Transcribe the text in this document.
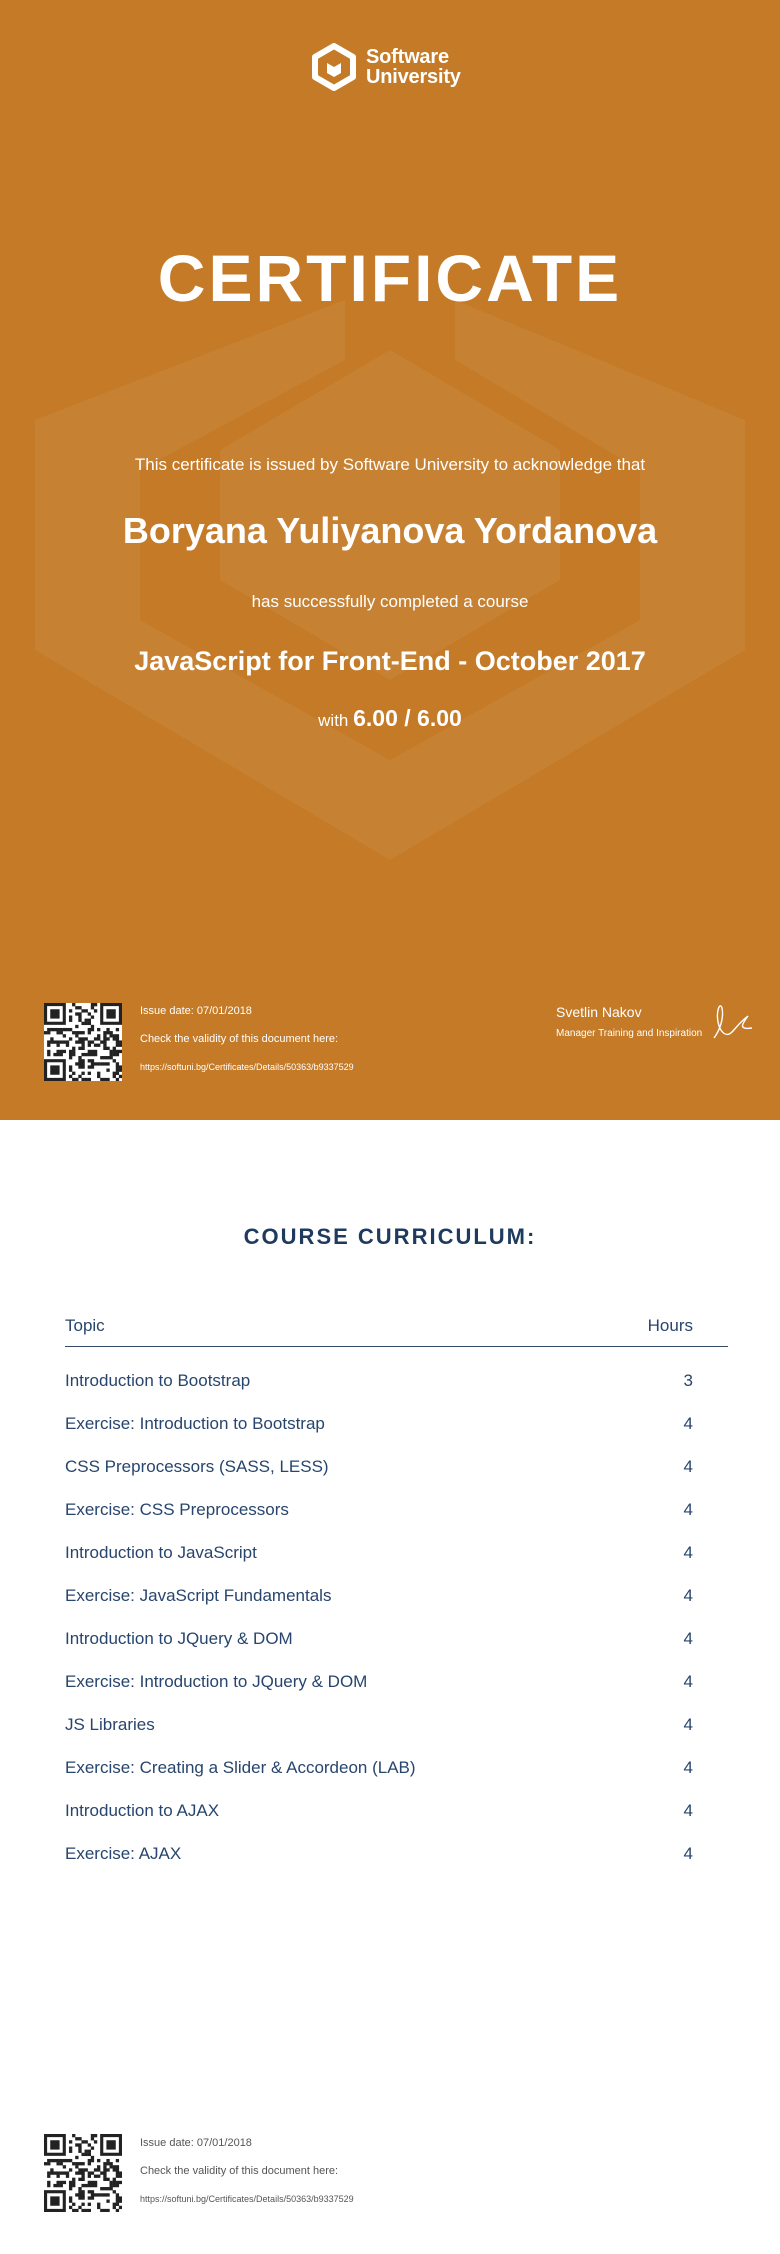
Software
University
CERTIFICATE
This certificate is issued by Software University to acknowledge that
Boryana Yuliyanova Yordanova
has successfully completed a course
JavaScript for Front-End - October 2017
with 6.00 / 6.00
Issue date: 07/01/2018
Check the validity of this document here:
https://softuni.bg/Certificates/Details/50363/b9337529
Svetlin Nakov
Manager Training and Inspiration
COURSE CURRICULUM:
Topic	Hours
Introduction to Bootstrap	3
Exercise: Introduction to Bootstrap	4
CSS Preprocessors (SASS, LESS)	4
Exercise: CSS Preprocessors	4
Introduction to JavaScript	4
Exercise: JavaScript Fundamentals	4
Introduction to JQuery & DOM	4
Exercise: Introduction to JQuery & DOM	4
JS Libraries	4
Exercise: Creating a Slider & Accordeon (LAB)	4
Introduction to AJAX	4
Exercise: AJAX	4
Issue date: 07/01/2018
Check the validity of this document here:
https://softuni.bg/Certificates/Details/50363/b9337529
